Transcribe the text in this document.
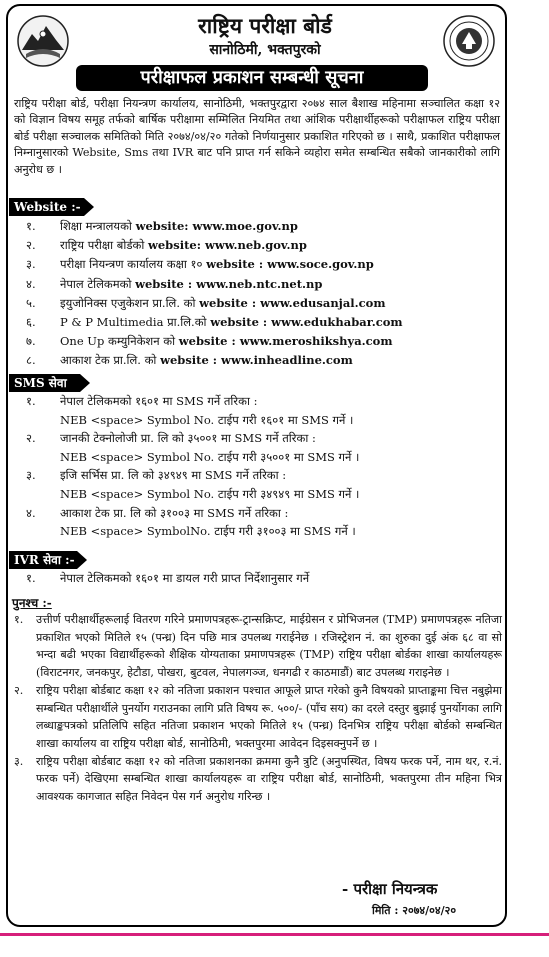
राष्ट्रिय परीक्षा बोर्ड
सानोठिमी, भक्तपुरको
परीक्षाफल प्रकाशन सम्बन्धी सूचना
राष्ट्रिय परीक्षा बोर्ड, परीक्षा नियन्त्रण कार्यालय, सानोठिमी, भक्तपुरद्वारा २०७४ साल बैशाख महिनामा सञ्चालित कक्षा १२ को विज्ञान विषय समूह तर्फको बार्षिक परीक्षामा सम्मिलित नियमित तथा आंशिक परीक्षार्थीहरूको परीक्षाफल राष्ट्रिय परीक्षा बोर्ड परीक्षा सञ्चालक समितिको मिति २०७४/०४/२० गतेको निर्णयानुसार प्रकाशित गरिएको छ । साथै, प्रकाशित परीक्षाफल निम्नानुसारको Website, Sms तथा IVR बाट पनि प्राप्त गर्न सकिने व्यहोरा समेत सम्बन्धित सबैको जानकारीको लागि अनुरोध छ ।
Website :-
१. शिक्षा मन्त्रालयको website: www.moe.gov.np
२. राष्ट्रिय परीक्षा बोर्डको website: www.neb.gov.np
३. परीक्षा नियन्त्रण कार्यालय कक्षा १० website : www.soce.gov.np
४. नेपाल टेलिकमको website : www.neb.ntc.net.np
५. इयुजोनिक्स एजुकेशन प्रा.लि. को website : www.edusanjal.com
६. P & P Multimedia प्रा.लि.को website : www.edukhabar.com
७. One Up कम्युनिकेशन को website : www.meroshikshya.com
८. आकाश टेक प्रा.लि. को website : www.inheadline.com
SMS सेवा :- १. नेपाल टेलिकमको १६०१ मा SMS गर्ने तरिका :
NEB <space> Symbol No. टाईप गरी १६०१ मा SMS गर्ने ।
२. जानकी टेक्नोलोजी प्रा. लि को ३५००१ मा SMS गर्ने तरिका :
NEB <space> Symbol No. टाईप गरी ३५००१ मा SMS गर्ने ।
३. इजि सर्भिस प्रा. लि को ३४९४९ मा SMS गर्ने तरिका :
NEB <space> Symbol No. टाईप गरी ३४९४९ मा SMS गर्ने ।
४. आकाश टेक प्रा. लि को ३१००३ मा SMS गर्ने तरिका :
NEB <space> SymbolNo. टाईप गरी ३१००३ मा SMS गर्ने ।
IVR सेवा :-
१. नेपाल टेलिकमको १६०१ मा डायल गरी प्राप्त निर्देशानुसार गर्ने
पुनश्च :-
१. उत्तीर्ण परीक्षार्थीहरूलाई वितरण गरिने प्रमाणपत्रहरू-ट्रान्सक्रिप्ट, माईग्रेसन र प्रोभिजनल (TMP) प्रमाणपत्रहरू नतिजा प्रकाशित भएको मितिले १५ (पन्ध्र) दिन पछि मात्र उपलब्ध गराईनेछ । रजिस्ट्रेशन नं. का शुरुका दुई अंक ६८ वा सो भन्दा बढी भएका विद्यार्थीहरूको शैक्षिक योग्यताका प्रमाणपत्रहरू (TMP) राष्ट्रिय परीक्षा बोर्डका शाखा कार्यालयहरू (विराटनगर, जनकपुर, हेटौडा, पोखरा, बुटवल, नेपालगञ्ज, धनगढी र काठमाडौं) बाट उपलब्ध गराइनेछ ।
२. राष्ट्रिय परीक्षा बोर्डबाट कक्षा १२ को नतिजा प्रकाशन पश्चात आफूले प्राप्त गरेको कुनै विषयको प्राप्ताङ्कमा चित्त नबुझेमा सम्बन्धित परीक्षार्थीले पुनर्योग गराउनका लागि प्रति विषय रू. ५००/- (पाँच सय) का दरले दस्तुर बुझाई पुनर्योगका लागि लब्धाङ्कपत्रको प्रतिलिपि सहित नतिजा प्रकाशन भएको मितिले १५ (पन्ध्र) दिनभित्र राष्ट्रिय परीक्षा बोर्डको सम्बन्धित शाखा कार्यालय वा राष्ट्रिय परीक्षा बोर्ड, सानोठिमी, भक्तपुरमा आवेदन दिइसक्नुपर्ने छ ।
३. राष्ट्रिय परीक्षा बोर्डबाट कक्षा १२ को नतिजा प्रकाशनका क्रममा कुनै त्रुटि (अनुपस्थित, विषय फरक पर्ने, नाम थर, र.नं. फरक पर्ने) देखिएमा सम्बन्धित शाखा कार्यालयहरू वा राष्ट्रिय परीक्षा बोर्ड, सानोठिमी, भक्तपुरमा तीन महिना भित्र आवश्यक कागजात सहित निवेदन पेस गर्न अनुरोध गरिन्छ ।
- परीक्षा नियन्त्रक
मिति : २०७४/०४/२०
